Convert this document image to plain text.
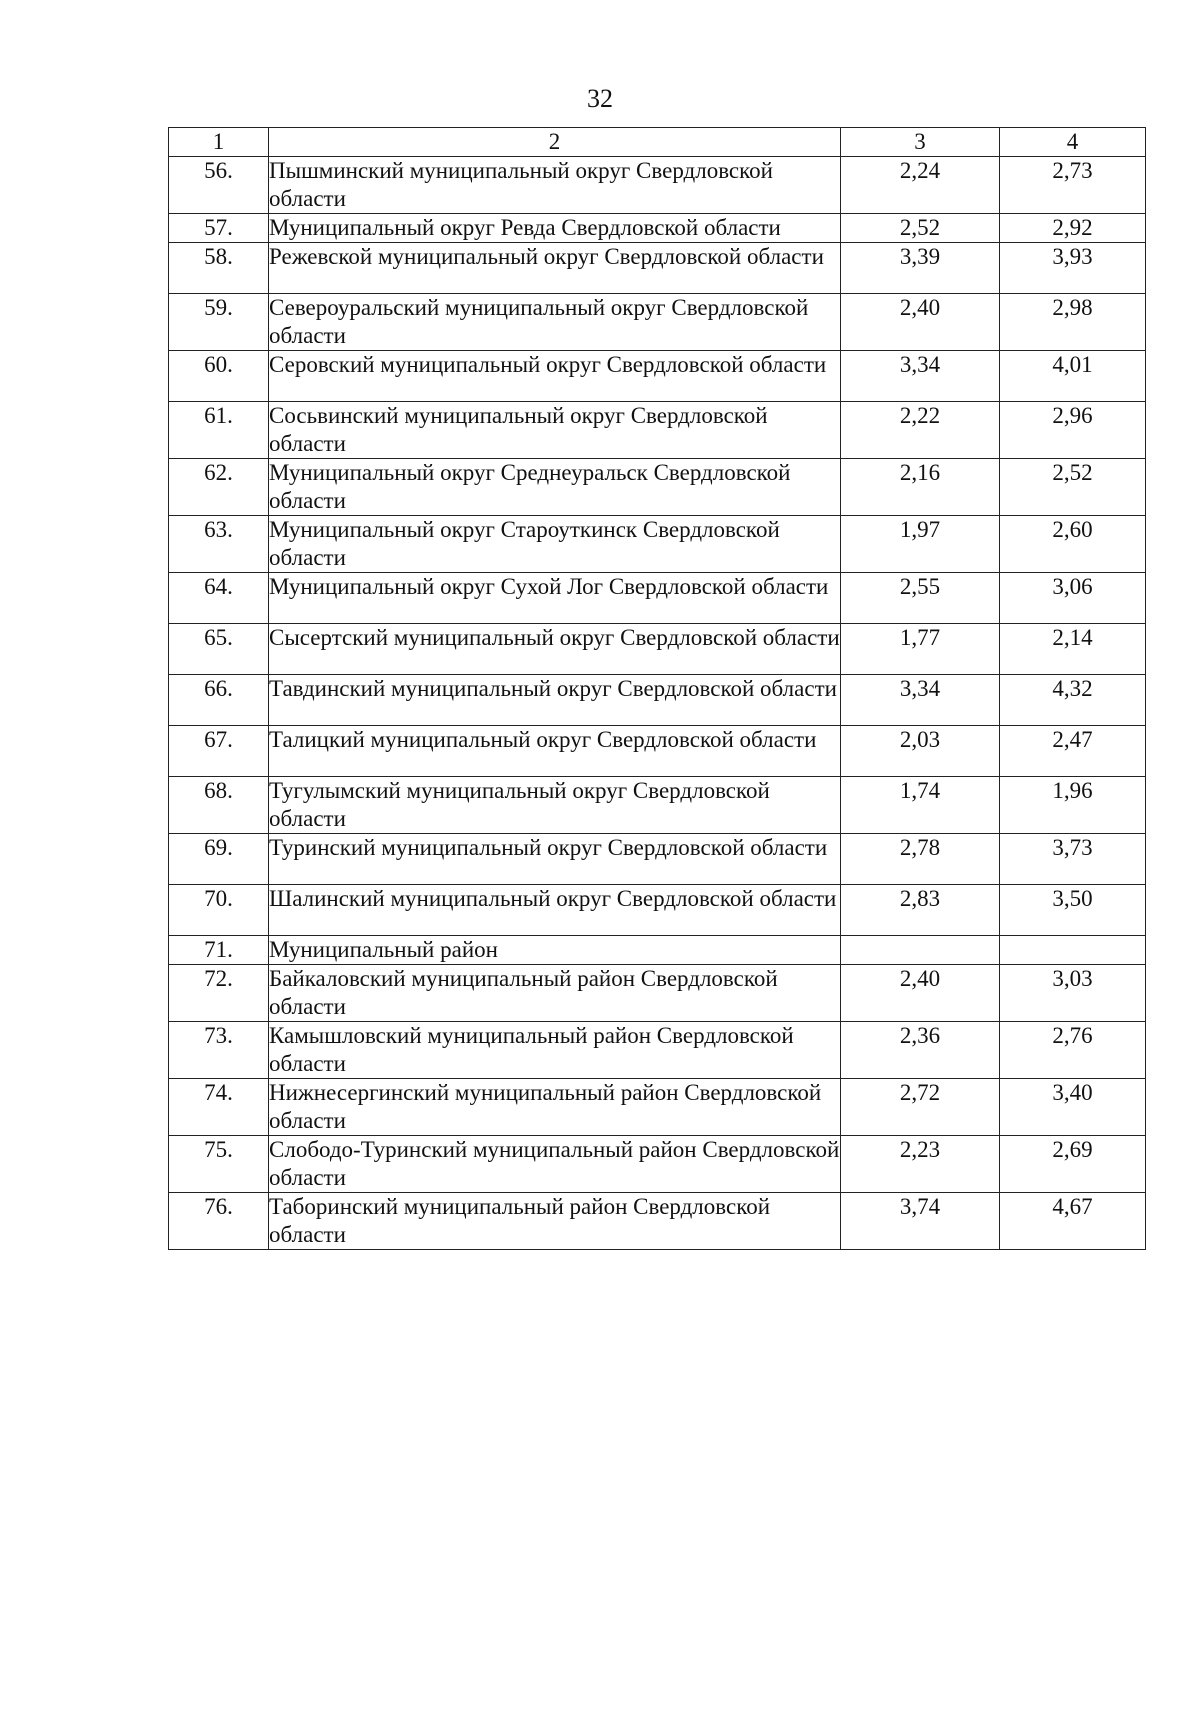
32
1	2	3	4
56.	Пышминский муниципальный округ Свердловской области	2,24	2,73
57.	Муниципальный округ Ревда Свердловской области	2,52	2,92
58.	Режевской муниципальный округ Свердловской области	3,39	3,93
59.	Североуральский муниципальный округ Свердловской области	2,40	2,98
60.	Серовский муниципальный округ Свердловской области	3,34	4,01
61.	Сосьвинский муниципальный округ Свердловской области	2,22	2,96
62.	Муниципальный округ Среднеуральск Свердловской области	2,16	2,52
63.	Муниципальный округ Староуткинск Свердловской области	1,97	2,60
64.	Муниципальный округ Сухой Лог Свердловской области	2,55	3,06
65.	Сысертский муниципальный округ Свердловской области	1,77	2,14
66.	Тавдинский муниципальный округ Свердловской области	3,34	4,32
67.	Талицкий муниципальный округ Свердловской области	2,03	2,47
68.	Тугулымский муниципальный округ Свердловской области	1,74	1,96
69.	Туринский муниципальный округ Свердловской области	2,78	3,73
70.	Шалинский муниципальный округ Свердловской области	2,83	3,50
71.	Муниципальный район		
72.	Байкаловский муниципальный район Свердловской области	2,40	3,03
73.	Камышловский муниципальный район Свердловской области	2,36	2,76
74.	Нижнесергинский муниципальный район Свердловской области	2,72	3,40
75.	Слободо-Туринский муниципальный район Свердловской области	2,23	2,69
76.	Таборинский муниципальный район Свердловской области	3,74	4,67
